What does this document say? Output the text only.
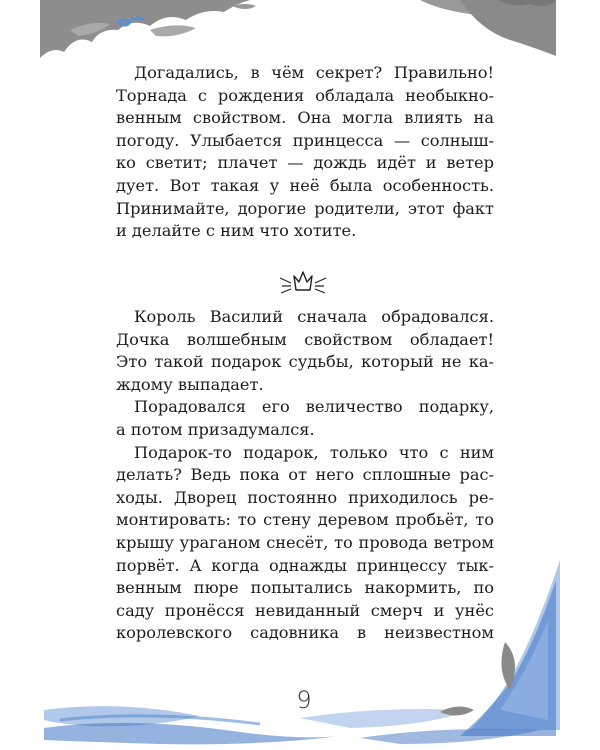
Догадались, в чём секрет? Правильно!
Торнада с рождения обладала необыкно-
венным свойством. Она могла влиять на
погоду. Улыбается принцесса — солныш-
ко светит; плачет — дождь идёт и ветер
дует. Вот такая у неё была особенность.
Принимайте, дорогие родители, этот факт
и делайте с ним что хотите.
Король Василий сначала обрадовался.
Дочка волшебным свойством обладает!
Это такой подарок судьбы, который не ка-
ждому выпадает.
Порадовался его величество подарку,
а потом призадумался.
Подарок-то подарок, только что с ним
делать? Ведь пока от него сплошные рас-
ходы. Дворец постоянно приходилось ре-
монтировать: то стену деревом пробьёт, то
крышу ураганом снесёт, то провода ветром
порвёт. А когда однажды принцессу тык-
венным пюре попытались накормить, по
саду пронёсся невиданный смерч и унёс
королевского садовника в неизвестном
9
